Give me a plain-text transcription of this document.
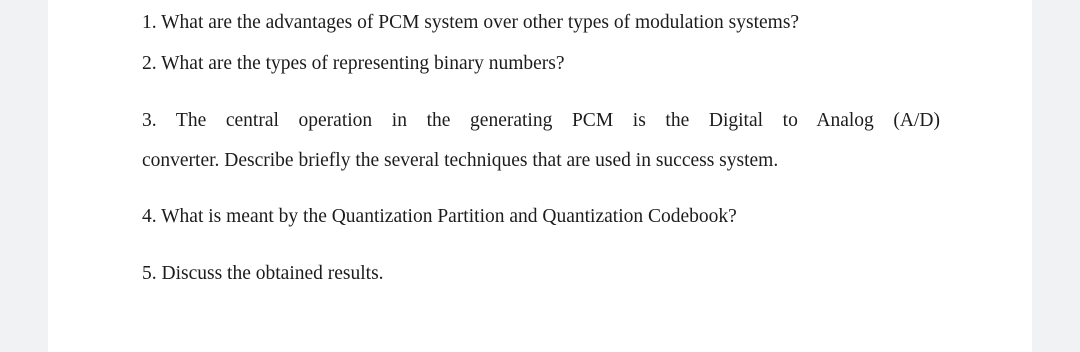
1. What are the advantages of PCM system over other types of modulation systems?
2. What are the types of representing binary numbers?
3. The central operation in the generating PCM is the Digital to Analog (A/D)
converter. Describe briefly the several techniques that are used in success system.
4. What is meant by the Quantization Partition and Quantization Codebook?
5. Discuss the obtained results.
